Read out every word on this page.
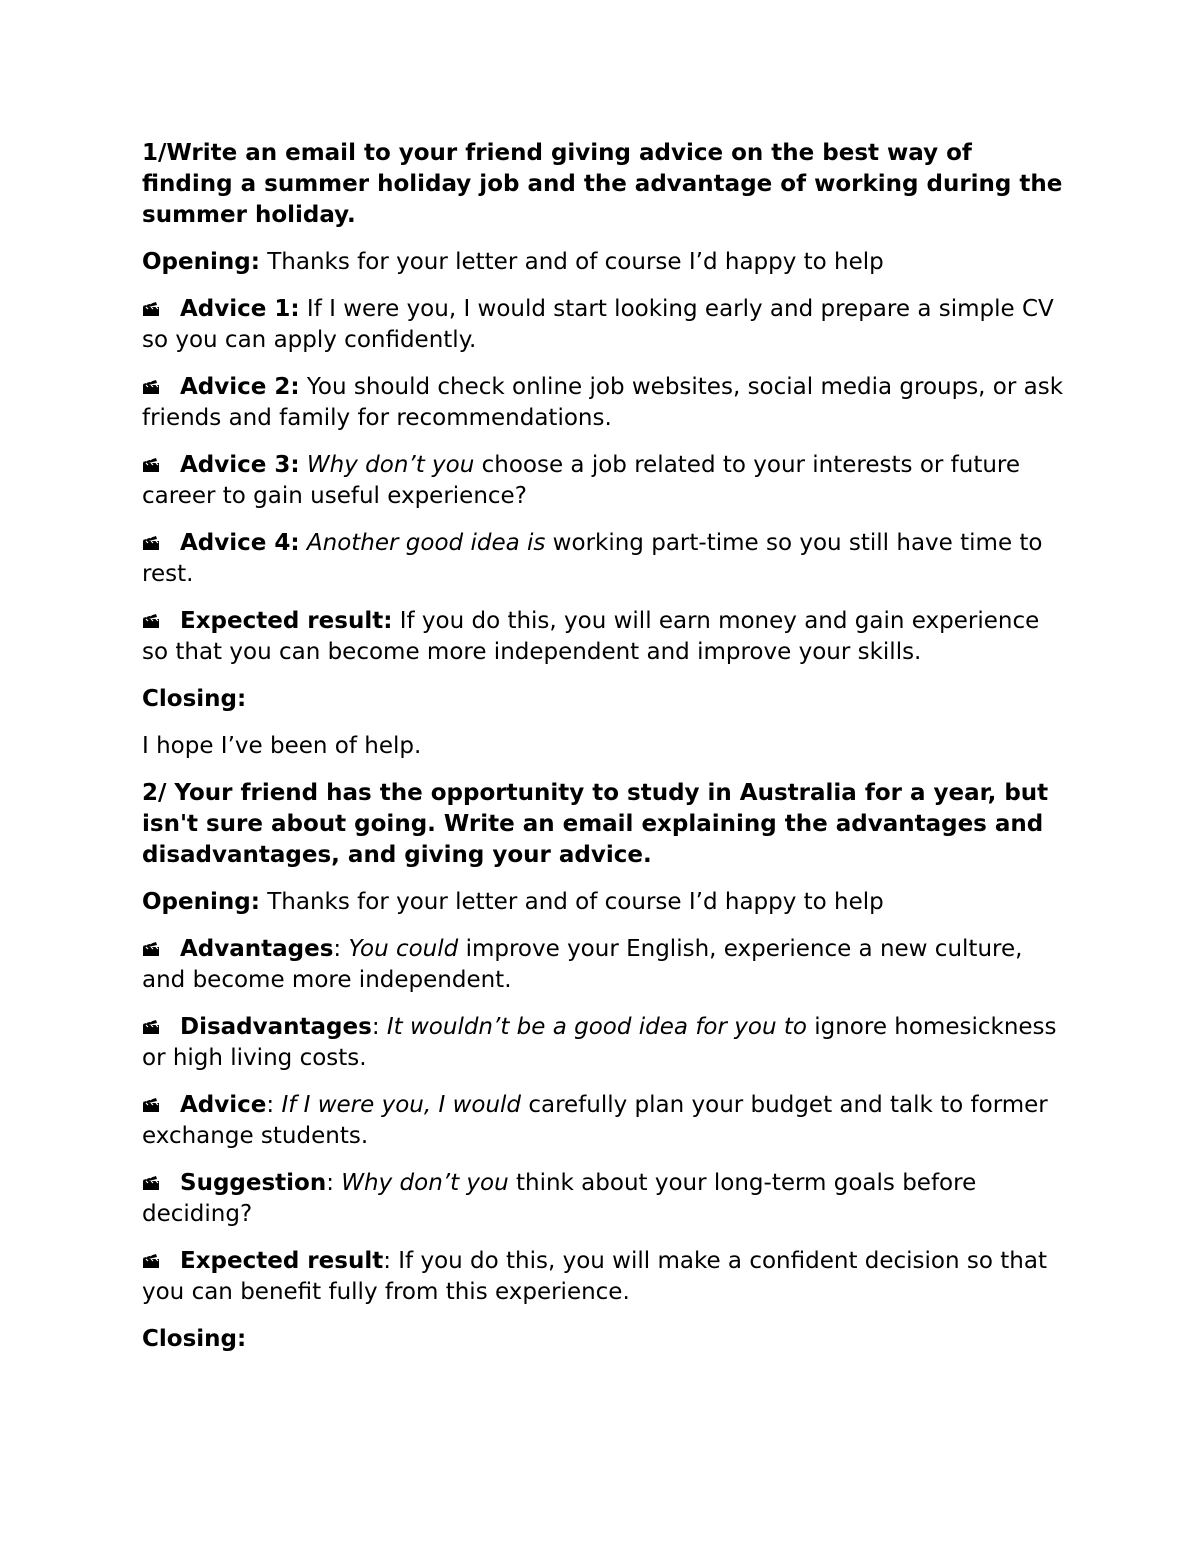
1/Write an email to your friend giving advice on the best way of finding a summer holiday job and the advantage of working during the summer holiday.

Opening: Thanks for your letter and of course I’d happy to help

Advice 1: If I were you, I would start looking early and prepare a simple CV so you can apply confidently.

Advice 2: You should check online job websites, social media groups, or ask friends and family for recommendations.

Advice 3: Why don’t you choose a job related to your interests or future career to gain useful experience?

Advice 4: Another good idea is working part-time so you still have time to rest.

Expected result: If you do this, you will earn money and gain experience so that you can become more independent and improve your skills.

Closing:

I hope I’ve been of help.

2/ Your friend has the opportunity to study in Australia for a year, but isn't sure about going. Write an email explaining the advantages and disadvantages, and giving your advice.

Opening: Thanks for your letter and of course I’d happy to help

Advantages: You could improve your English, experience a new culture, and become more independent.

Disadvantages: It wouldn’t be a good idea for you to ignore homesickness or high living costs.

Advice: If I were you, I would carefully plan your budget and talk to former exchange students.

Suggestion: Why don’t you think about your long-term goals before deciding?

Expected result: If you do this, you will make a confident decision so that you can benefit fully from this experience.

Closing:
